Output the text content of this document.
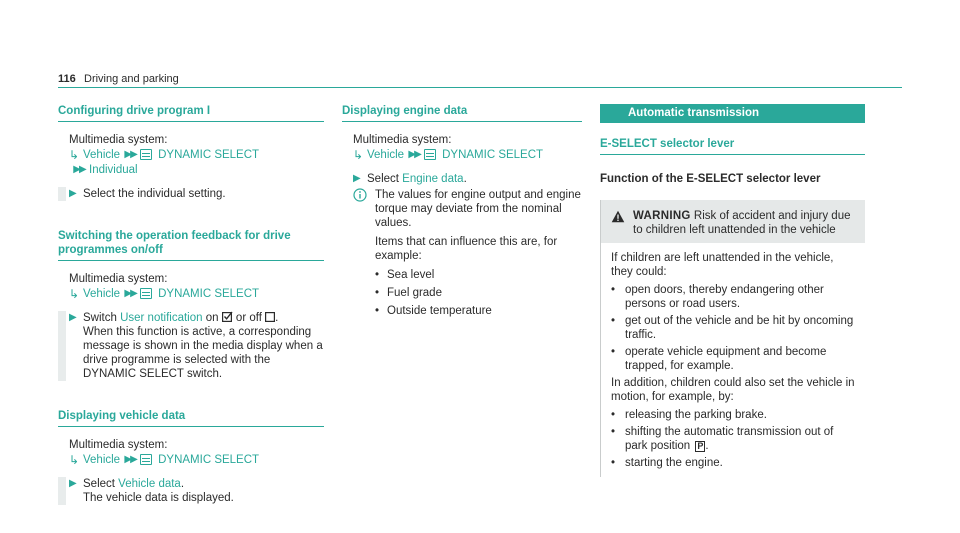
116 Driving and parking
Configuring drive program I
Multimedia system:
↳ Vehicle ▶▶	DYNAMIC SELECT
▶▶ Individual
▶ Select the individual setting.

Switching the operation feedback for drive
programmes on/off
Multimedia system:
↳ Vehicle ▶▶	DYNAMIC SELECT
▶ Switch User notification on  or off .

When this function is active, a corresponding message is shown in the media display when a drive programme is selected with the DYNAMIC SELECT switch.

Displaying vehicle data
Multimedia system:
↳ Vehicle ▶▶	DYNAMIC SELECT
▶ Select Vehicle data.

The vehicle data is displayed.

Displaying engine data
Multimedia system:
↳ Vehicle ▶▶	DYNAMIC SELECT
▶ Select Engine data.

The values for engine output and engine torque may deviate from the nominal values.

Items that can influence this are, for example:

• Sea level
• Fuel grade
• Outside temperature
Automatic transmission
E-SELECT selector lever
Function of the E-SELECT selector lever
WARNING Risk of accident and injury due to children left unattended in the vehicle

If children are left unattended in the vehicle, they could:

• open doors, thereby endangering other persons or road users.
• get out of the vehicle and be hit by oncoming traffic.
• operate vehicle equipment and become trapped, for example.

In addition, children could also set the vehicle in motion, for example, by:

• releasing the parking brake.
• shifting the automatic transmission out of park position P .
• starting the engine.
